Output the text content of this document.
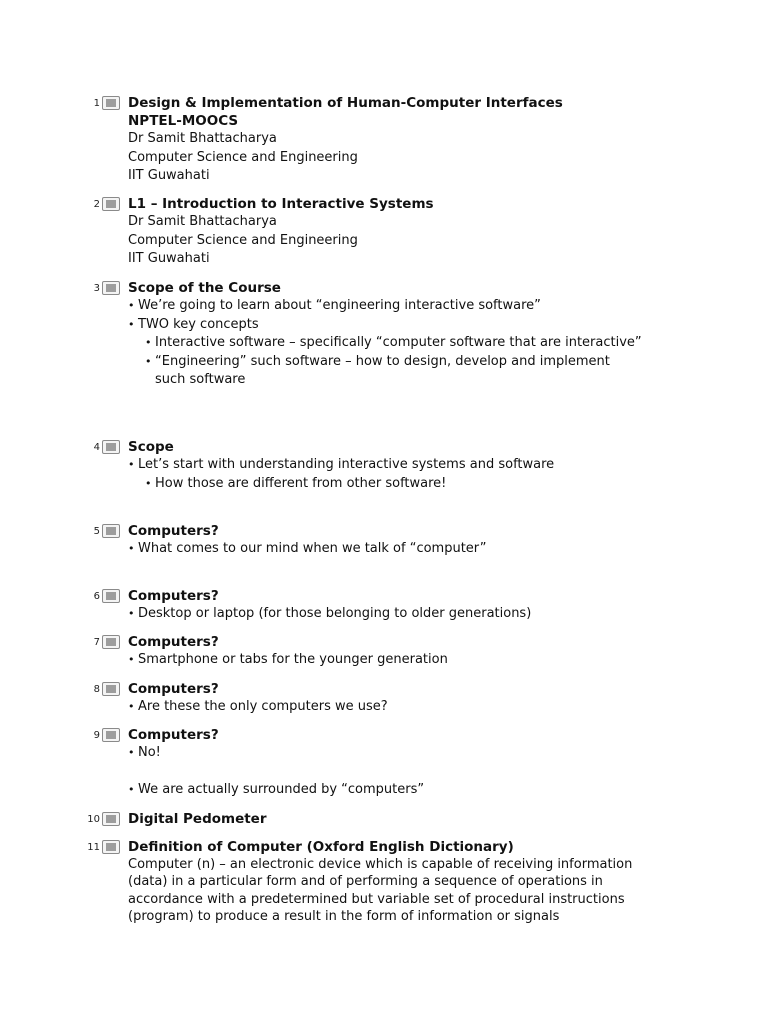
1 Design & Implementation of Human-Computer Interfaces
NPTEL-MOOCS
Dr Samit Bhattacharya
Computer Science and Engineering
IIT Guwahati
2 L1 – Introduction to Interactive Systems
Dr Samit Bhattacharya
Computer Science and Engineering
IIT Guwahati
3 Scope of the Course
• We’re going to learn about “engineering interactive software”
• TWO key concepts
• Interactive software – specifically “computer software that are interactive”
• “Engineering” such software – how to design, develop and implement such software
4 Scope
• Let’s start with understanding interactive systems and software
• How those are different from other software!
5 Computers?
• What comes to our mind when we talk of “computer”
6 Computers?
• Desktop or laptop (for those belonging to older generations)
7 Computers?
• Smartphone or tabs for the younger generation
8 Computers?
• Are these the only computers we use?
9 Computers?
• No!
• We are actually surrounded by “computers”
10 Digital Pedometer
11 Definition of Computer (Oxford English Dictionary)
Computer (n) – an electronic device which is capable of receiving information (data) in a particular form and of performing a sequence of operations in accordance with a predetermined but variable set of procedural instructions (program) to produce a result in the form of information or signals
